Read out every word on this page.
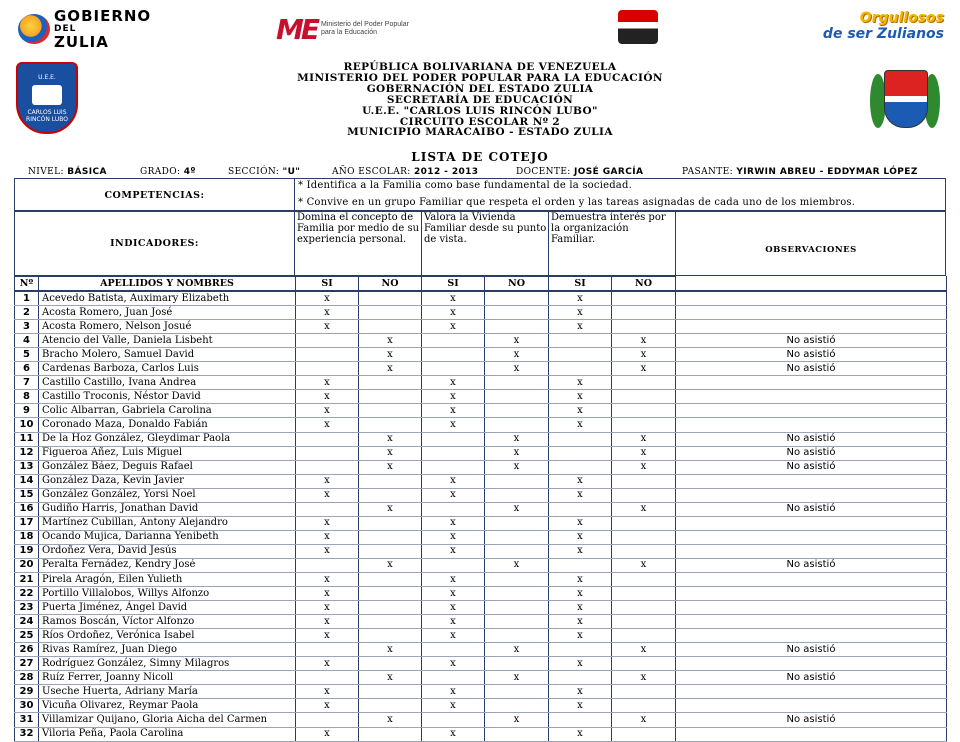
GOBIERNO
DEL
ZULIA	ME Ministerio del Poder Popular
para la Educación
Orgullosos
de ser Zulianos
U.E.E.
CARLOS LUIS RINCÓN LUBO
REPÚBLICA BOLIVARIANA DE VENEZUELA
MINISTERIO DEL PODER POPULAR PARA LA EDUCACIÓN
GOBERNACIÓN DEL ESTADO ZULIA
SECRETARÍA DE EDUCACIÓN
U.E.E. "CARLOS LUIS RINCÓN LUBO"
CIRCUITO ESCOLAR Nº 2
MUNICIPIO MARACAIBO - ESTADO ZULIA
LISTA DE COTEJO
NIVEL: BÁSICA	GRADO: 4º	SECCIÓN: "U"	AÑO ESCOLAR: 2012 - 2013	DOCENTE: JOSÉ GARCÍA	PASANTE: YIRWIN ABREU - EDDYMAR LÓPEZ
COMPETENCIAS:
* Identifica a la Familia como base fundamental de la sociedad.
* Convive en un grupo Familiar que respeta el orden y las tareas asignadas de cada uno de los miembros.
INDICADORES:
Domina el concepto de Familia por medio de su experiencia personal.
Valora la Vivienda Familiar desde su punto de vista.
Demuestra interés por la organización Familiar.
OBSERVACIONES
Nº	APELLIDOS Y NOMBRES	SI	NO	SI	NO	SI	NO	
1	Acevedo Batista, Auximary Elizabeth	x		x		x		
2	Acosta Romero, Juan José	x		x		x		
3	Acosta Romero, Nelson Josué	x		x		x		
4	Atencio del Valle, Daniela Lisbeht		x		x		x	No asistió
5	Bracho Molero, Samuel David		x		x		x	No asistió
6	Cardenas Barboza, Carlos Luis		x		x		x	No asistió
7	Castillo Castillo, Ivana Andrea	x		x		x		
8	Castillo Troconis, Néstor David	x		x		x		
9	Colic Albarran, Gabriela Carolina	x		x		x		
10	Coronado Maza, Donaldo Fabián	x		x		x		
11	De la Hoz González, Gleydimar Paola		x		x		x	No asistió
12	Figueroa Añez, Luis Miguel		x		x		x	No asistió
13	González Báez, Deguis Rafael		x		x		x	No asistió
14	González Daza, Kevin Javier	x		x		x		
15	González González, Yorsi Noel	x		x		x		
16	Gudiño Harris, Jonathan David		x		x		x	No asistió
17	Martínez Cubillan, Antony Alejandro	x		x		x		
18	Ocando Mujica, Darianna Yenibeth	x		x		x		
19	Ordoñez Vera, David Jesús	x		x		x		
20	Peralta Fernádez, Kendry José		x		x		x	No asistió
21	Pirela Aragón, Eilen Yulieth	x		x		x		
22	Portillo Villalobos, Willys Alfonzo	x		x		x		
23	Puerta Jiménez, Ángel David	x		x		x		
24	Ramos Boscán, Víctor Alfonzo	x		x		x		
25	Ríos Ordoñez, Verónica Isabel	x		x		x		
26	Rivas Ramírez, Juan Diego		x		x		x	No asistió
27	Rodríguez González, Simny Milagros	x		x		x		
28	Ruíz Ferrer, Joanny Nicoll		x		x		x	No asistió
29	Useche Huerta, Adriany María	x		x		x		
30	Vicuña Olivarez, Reymar Paola	x		x		x		
31	Villamizar Quijano, Gloria Aicha del Carmen		x		x		x	No asistió
32	Viloria Peña, Paola Carolina	x		x		x		
